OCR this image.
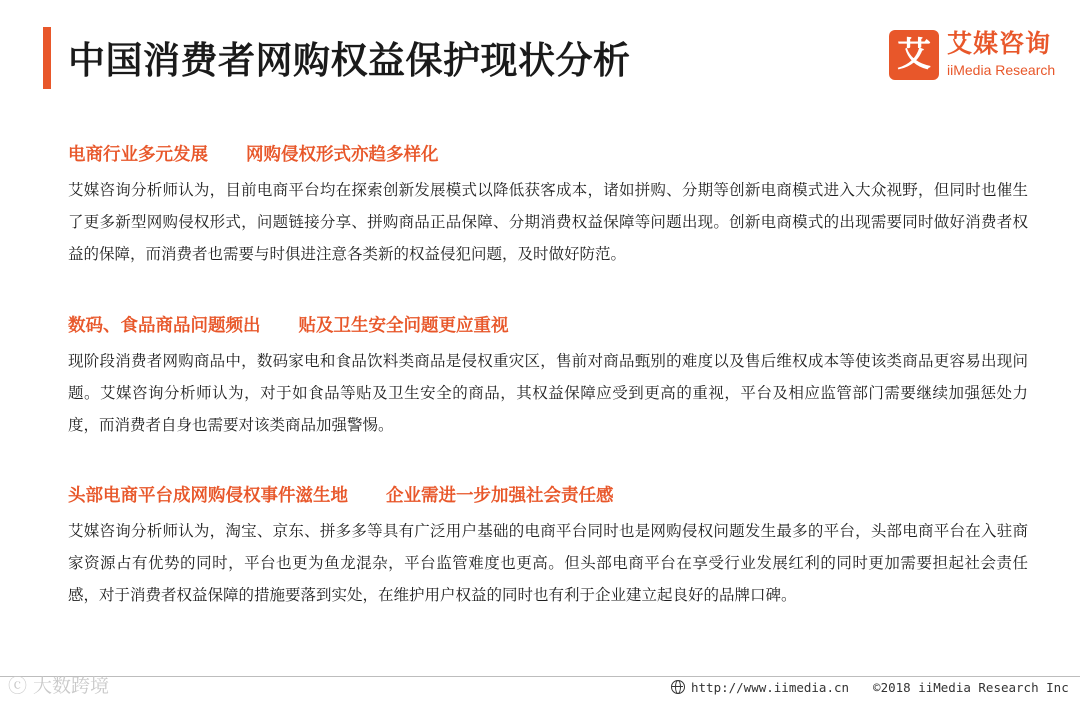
中国消费者网购权益保护现状分析	艾 艾媒咨询
iiMedia Research
电商行业多元发展 网购侵权形式亦趋多样化

艾媒咨询分析师认为，目前电商平台均在探索创新发展模式以降低获客成本，诸如拼购、分期等创新电商模式进入大众视野，但同时也催生了更多新型网购侵权形式，问题链接分享、拼购商品正品保障、分期消费权益保障等问题出现。创新电商模式的出现需要同时做好消费者权益的保障，而消费者也需要与时俱进注意各类新的权益侵犯问题，及时做好防范。

数码、食品商品问题频出 贴及卫生安全问题更应重视

现阶段消费者网购商品中，数码家电和食品饮料类商品是侵权重灾区，售前对商品甄别的难度以及售后维权成本等使该类商品更容易出现问题。艾媒咨询分析师认为，对于如食品等贴及卫生安全的商品，其权益保障应受到更高的重视，平台及相应监管部门需要继续加强惩处力度，而消费者自身也需要对该类商品加强警惕。

头部电商平台成网购侵权事件滋生地 企业需进一步加强社会责任感

艾媒咨询分析师认为，淘宝、京东、拼多多等具有广泛用户基础的电商平台同时也是网购侵权问题发生最多的平台，头部电商平台在入驻商家资源占有优势的同时，平台也更为鱼龙混杂，平台监管难度也更高。但头部电商平台在享受行业发展红利的同时更加需要担起社会责任感，对于消费者权益保障的措施要落到实处，在维护用户权益的同时也有利于企业建立起良好的品牌口碑。

ⓒ 大数跨境	http://www.iimedia.cn ©2018 iiMedia Research Inc
